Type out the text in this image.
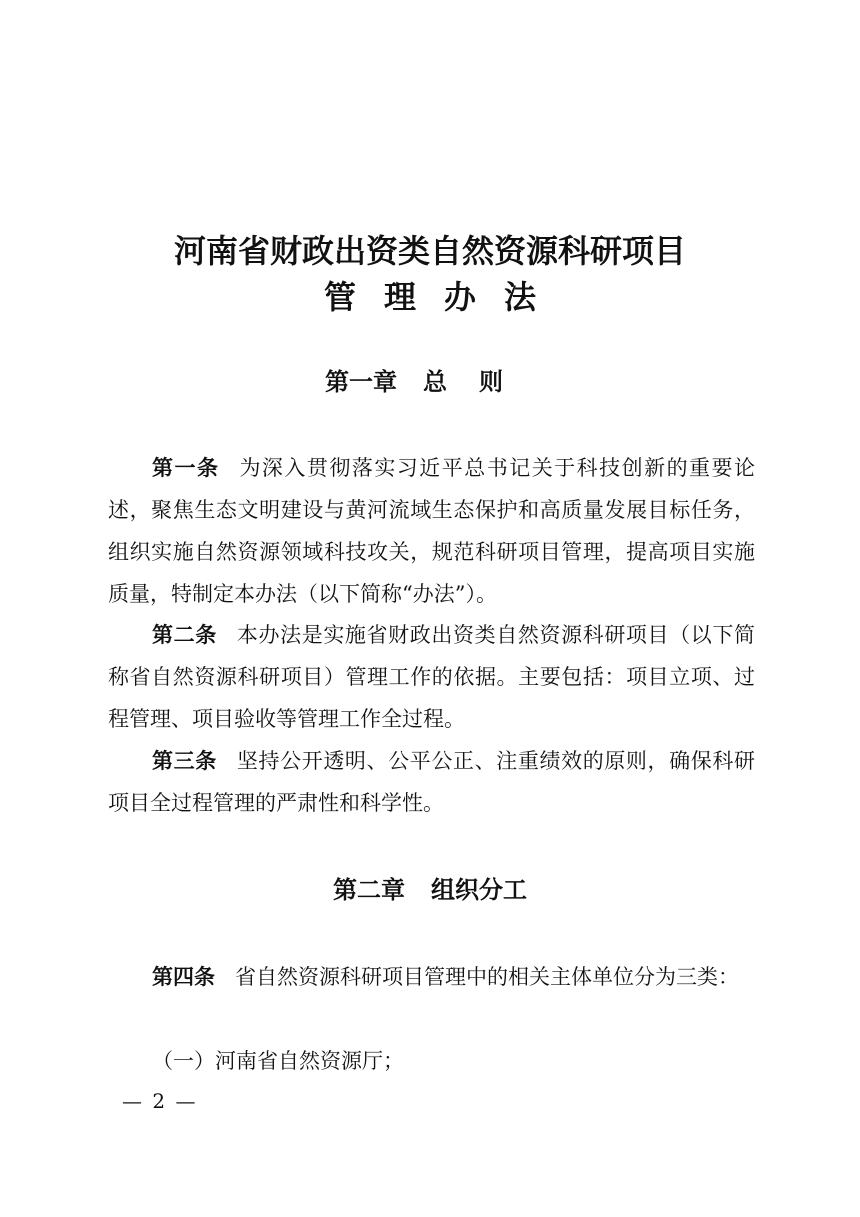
河南省财政出资类自然资源科研项目
管理办法
第一章 总则

第一条 为深入贯彻落实习近平总书记关于科技创新的重要论述，聚焦生态文明建设与黄河流域生态保护和高质量发展目标任务，组织实施自然资源领域科技攻关，规范科研项目管理，提高项目实施质量，特制定本办法（以下简称“办法”）。

第二条 本办法是实施省财政出资类自然资源科研项目（以下简称省自然资源科研项目）管理工作的依据。主要包括：项目立项、过程管理、项目验收等管理工作全过程。

第三条 坚持公开透明、公平公正、注重绩效的原则，确保科研项目全过程管理的严肃性和科学性。

第二章 组织分工

第四条 省自然资源科研项目管理中的相关主体单位分为三类：

（一）河南省自然资源厅；

— 2 —
